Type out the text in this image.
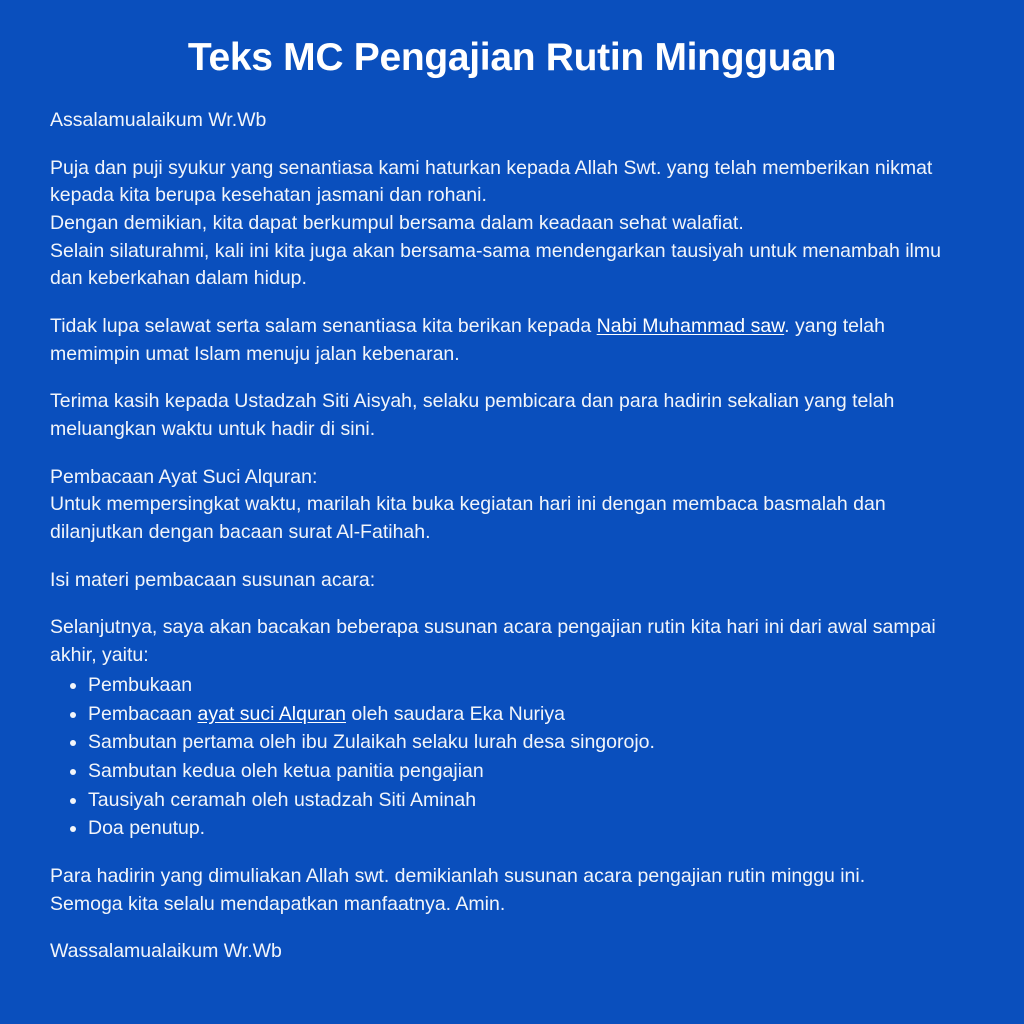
Teks MC Pengajian Rutin Mingguan

Assalamualaikum Wr.Wb

Puja dan puji syukur yang senantiasa kami haturkan kepada Allah Swt. yang telah memberikan nikmat kepada kita berupa kesehatan jasmani dan rohani.
Dengan demikian, kita dapat berkumpul bersama dalam keadaan sehat walafiat.
Selain silaturahmi, kali ini kita juga akan bersama-sama mendengarkan tausiyah untuk menambah ilmu dan keberkahan dalam hidup.

Tidak lupa selawat serta salam senantiasa kita berikan kepada Nabi Muhammad saw. yang telah memimpin umat Islam menuju jalan kebenaran.

Terima kasih kepada Ustadzah Siti Aisyah, selaku pembicara dan para hadirin sekalian yang telah meluangkan waktu untuk hadir di sini.

Pembacaan Ayat Suci Alquran:
Untuk mempersingkat waktu, marilah kita buka kegiatan hari ini dengan membaca basmalah dan dilanjutkan dengan bacaan surat Al-Fatihah.

Isi materi pembacaan susunan acara:

Selanjutnya, saya akan bacakan beberapa susunan acara pengajian rutin kita hari ini dari awal sampai akhir, yaitu:

• Pembukaan
• Pembacaan ayat suci Alquran oleh saudara Eka Nuriya
• Sambutan pertama oleh ibu Zulaikah selaku lurah desa singorojo.
• Sambutan kedua oleh ketua panitia pengajian
• Tausiyah ceramah oleh ustadzah Siti Aminah
• Doa penutup.

Para hadirin yang dimuliakan Allah swt. demikianlah susunan acara pengajian rutin minggu ini.
Semoga kita selalu mendapatkan manfaatnya. Amin.

Wassalamualaikum Wr.Wb
